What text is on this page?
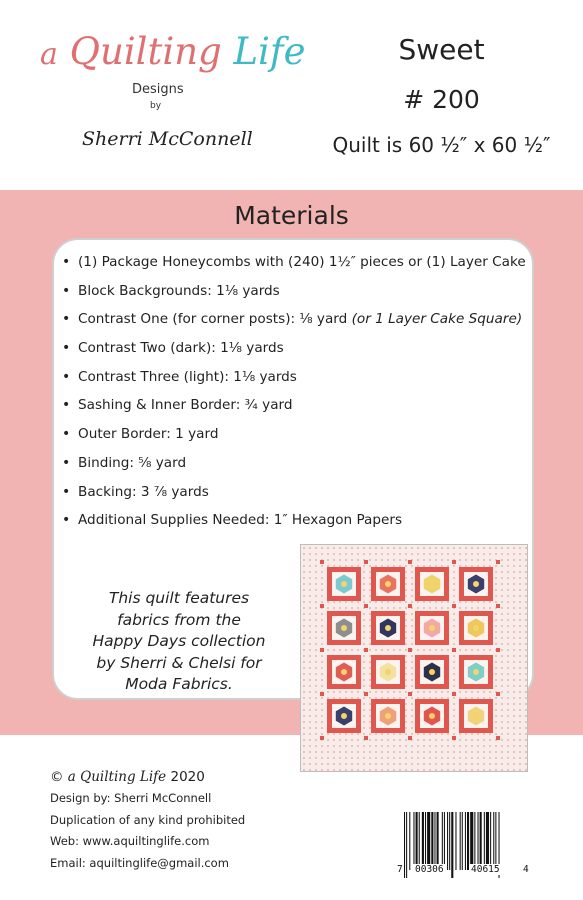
a Quilting Life
Designs
by
Sherri McConnell
Sweet
# 200
Quilt is 60 ½″ x 60 ½″
Materials
• (1) Package Honeycombs with (240) 1½″ pieces or (1) Layer Cake
• Block Backgrounds: 1⅛ yards
• Contrast One (for corner posts): ⅛ yard (or 1 Layer Cake Square)
• Contrast Two (dark): 1⅛ yards
• Contrast Three (light): 1⅛ yards
• Sashing & Inner Border: ¾ yard
• Outer Border: 1 yard
• Binding: ⅝ yard
• Backing: 3 ⅞ yards
• Additional Supplies Needed: 1″ Hexagon Papers
This quilt features
fabrics from the
Happy Days collection
by Sherri & Chelsi for
Moda Fabrics.
© a Quilting Life 2020
Design by: Sherri McConnell
Duplication of any kind prohibited
Web: www.aquiltinglife.com
Email: aquiltinglife@gmail.com	7 00306	40615 4
